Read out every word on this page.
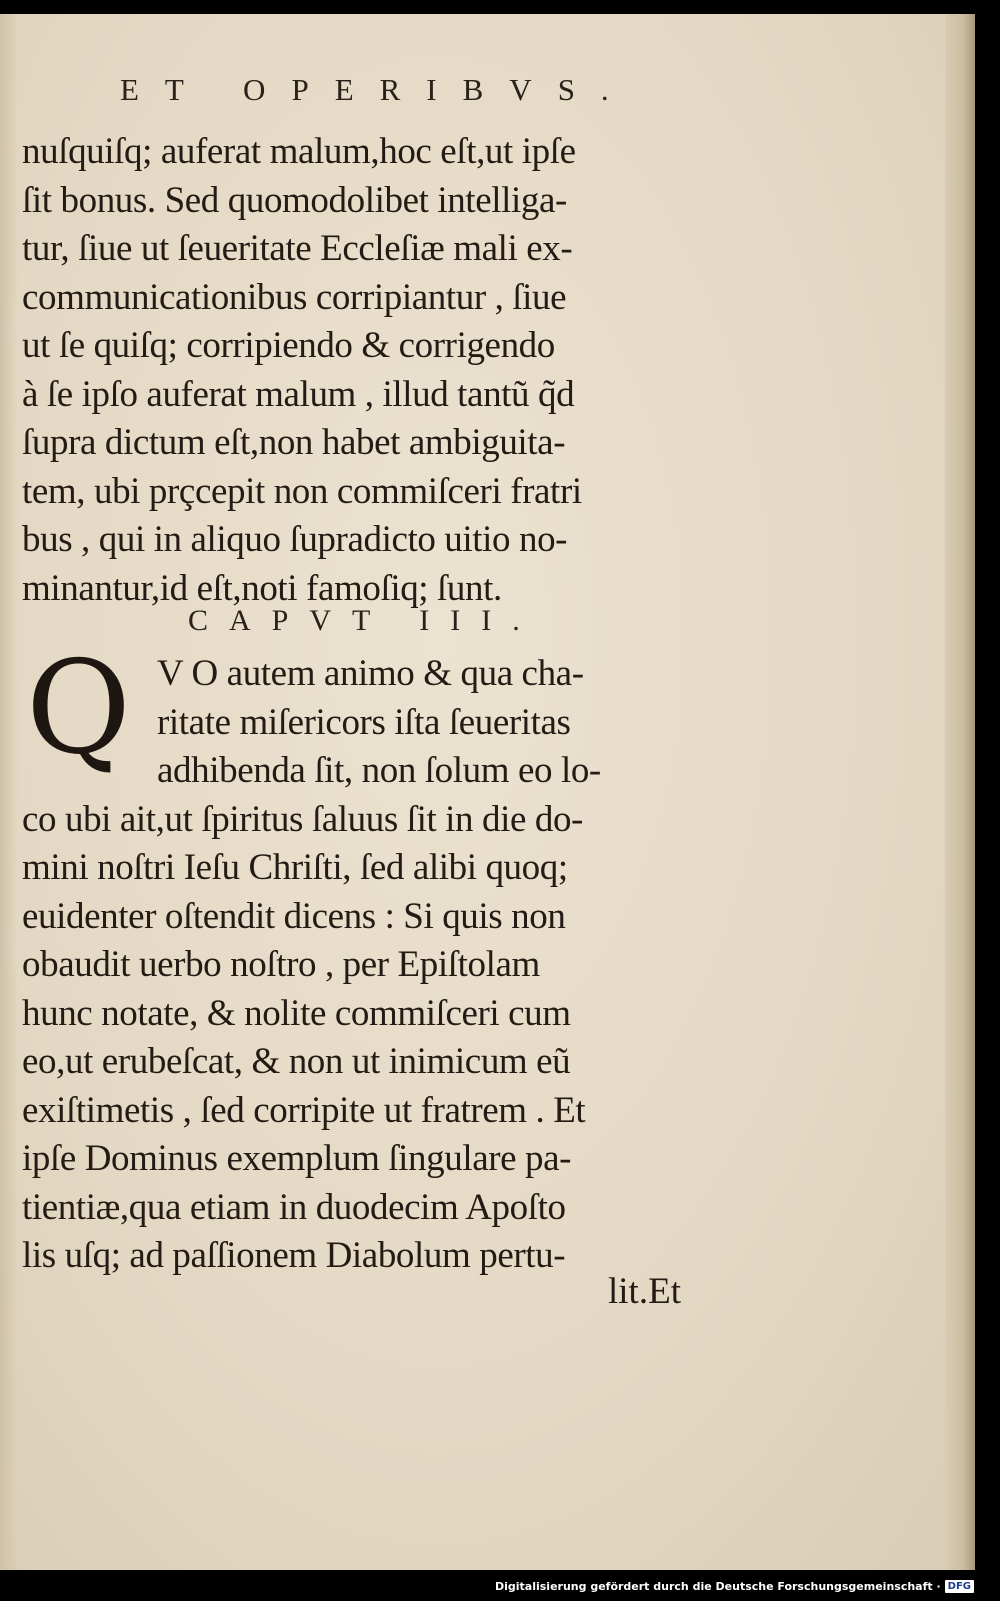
ET OPERIBVS.
nuſquiſq; auferat malum,hoc eſt,ut ipſe
ſit bonus. Sed quomodolibet intelliga-
tur, ſiue ut ſeueritate Eccleſiæ mali ex-
communicationibus corripiantur , ſiue
ut ſe quiſq; corripiendo & corrigendo
à ſe ipſo auferat malum , illud tantũ q̃d
ſupra dictum eſt,non habet ambiguita-
tem, ubi prçcepit non commiſceri fratri
bus , qui in aliquo ſupradicto uitio no-
minantur,id eſt,noti famoſiq; ſunt.
CAPVT III.
Q V O autem animo & qua cha-
ritate miſericors iſta ſeueritas
adhibenda ſit, non ſolum eo lo-
co ubi ait,ut ſpiritus ſaluus ſit in die do-
mini noſtri Ieſu Chriſti, ſed alibi quoq;
euidenter oſtendit dicens : Si quis non
obaudit uerbo noſtro , per Epiſtolam
hunc notate, & nolite commiſceri cum
eo,ut erubeſcat, & non ut inimicum eũ
exiſtimetis , ſed corripite ut fratrem . Et
ipſe Dominus exemplum ſingulare pa-
tientiæ,qua etiam in duodecim Apoſto
lis uſq; ad paſſionem Diabolum pertu-
lit.Et
Digitalisierung gefördert durch die Deutsche Forschungsgemeinschaft · DFG
